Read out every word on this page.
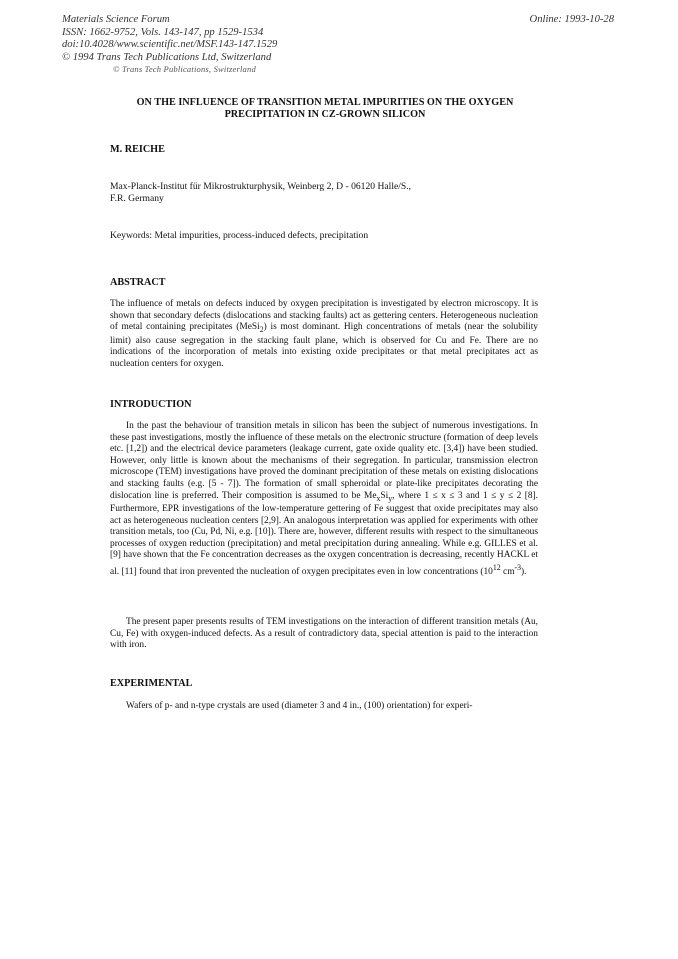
Materials Science Forum
ISSN: 1662-9752, Vols. 143-147, pp 1529-1534
doi:10.4028/www.scientific.net/MSF.143-147.1529
© 1994 Trans Tech Publications Ltd, Switzerland
Online: 1993-10-28
© Trans Tech Publications, Switzerland
ON THE INFLUENCE OF TRANSITION METAL IMPURITIES ON THE OXYGEN PRECIPITATION IN CZ-GROWN SILICON
M. REICHE
Max-Planck-Institut für Mikrostrukturphysik, Weinberg 2, D - 06120 Halle/S.,
F.R. Germany
Keywords: Metal impurities, process-induced defects, precipitation
ABSTRACT
The influence of metals on defects induced by oxygen precipitation is investigated by electron microscopy. It is shown that secondary defects (dislocations and stacking faults) act as gettering centers. Heterogeneous nucleation of metal containing precipitates (MeSi$_2$) is most dominant. High concentrations of metals (near the solubility limit) also cause segregation in the stacking fault plane, which is observed for Cu and Fe. There are no indications of the incorporation of metals into existing oxide precipitates or that metal precipitates act as nucleation centers for oxygen.
INTRODUCTION
In the past the behaviour of transition metals in silicon has been the subject of numerous investigations. In these past investigations, mostly the influence of these metals on the electronic structure (formation of deep levels etc. [1,2]) and the electrical device parameters (leakage current, gate oxide quality etc. [3,4]) have been studied. However, only little is known about the mechanisms of their segregation. In particular, transmission electron microscope (TEM) investigations have proved the dominant precipitation of these metals on existing dislocations and stacking faults (e.g. [5 - 7]). The formation of small spheroidal or plate-like precipitates decorating the dislocation line is preferred. Their composition is assumed to be $Me_xSi_y$, where 1 ≤ x ≤ 3 and 1 ≤ y ≤ 2 [8]. Furthermore, EPR investigations of the low-temperature gettering of Fe suggest that oxide precipitates may also act as heterogeneous nucleation centers [2,9]. An analogous interpretation was applied for experiments with other transition metals, too (Cu, Pd, Ni, e.g. [10]). There are, however, different results with respect to the simultaneous processes of oxygen reduction (precipitation) and metal precipitation during annealing. While e.g. GILLES et al. [9] have shown that the Fe concentration decreases as the oxygen concentration is decreasing, recently HACKL et al. [11] found that iron prevented the nucleation of oxygen precipitates even in low concentrations ($10^{12}$ $cm^{-3}$).
The present paper presents results of TEM investigations on the interaction of different transition metals (Au, Cu, Fe) with oxygen-induced defects. As a result of contradictory data, special attention is paid to the interaction with iron.
EXPERIMENTAL
Wafers of p- and n-type crystals are used (diameter 3 and 4 in., (100) orientation) for experi-
